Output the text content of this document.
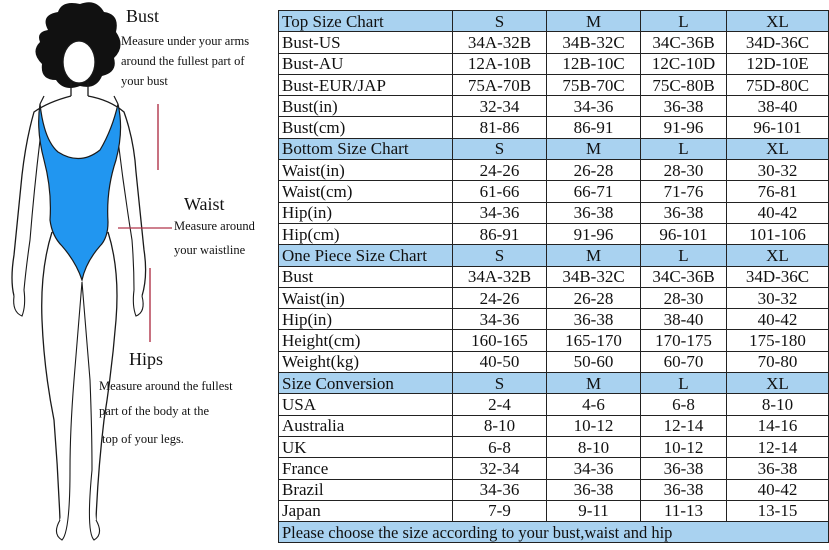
Bust
Measure under your arms
around the fullest part of
your bust
Waist
Measure around
your waistline
Hips
Measure around the fullest
part of the body at the
top of your legs.
Top Size Chart	S	M	L	XL
Bust-US	34A-32B	34B-32C	34C-36B	34D-36C
Bust-AU	12A-10B	12B-10C	12C-10D	12D-10E
Bust-EUR/JAP	75A-70B	75B-70C	75C-80B	75D-80C
Bust(in)	32-34	34-36	36-38	38-40
Bust(cm)	81-86	86-91	91-96	96-101
Bottom Size Chart	S	M	L	XL
Waist(in)	24-26	26-28	28-30	30-32
Waist(cm)	61-66	66-71	71-76	76-81
Hip(in)	34-36	36-38	36-38	40-42
Hip(cm)	86-91	91-96	96-101	101-106
One Piece Size Chart	S	M	L	XL
Bust	34A-32B	34B-32C	34C-36B	34D-36C
Waist(in)	24-26	26-28	28-30	30-32
Hip(in)	34-36	36-38	38-40	40-42
Height(cm)	160-165	165-170	170-175	175-180
Weight(kg)	40-50	50-60	60-70	70-80
Size Conversion	S	M	L	XL
USA	2-4	4-6	6-8	8-10
Australia	8-10	10-12	12-14	14-16
UK	6-8	8-10	10-12	12-14
France	32-34	34-36	36-38	36-38
Brazil	34-36	36-38	36-38	40-42
Japan	7-9	9-11	11-13	13-15
Please choose the size according to your bust,waist and hip				
